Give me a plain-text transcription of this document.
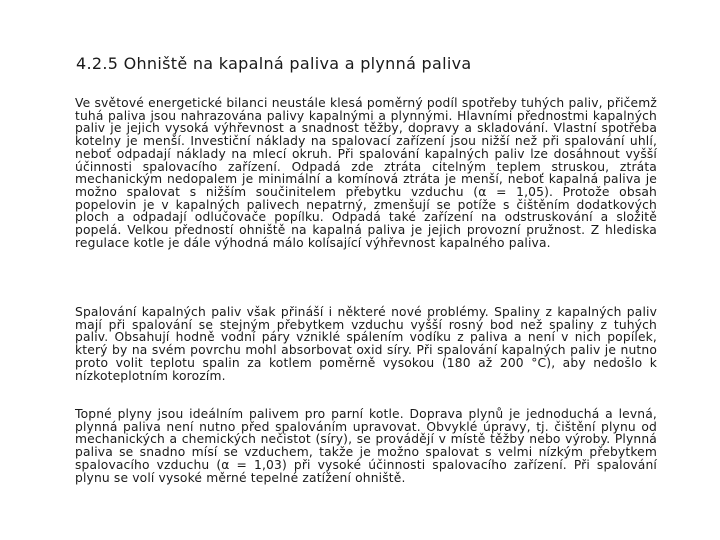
4.2.5 Ohniště na kapalná paliva a plynná paliva
Ve světové energetické bilanci neustále klesá poměrný podíl spotřeby tuhých paliv, přičemž tuhá paliva jsou nahrazována palivy kapalnými a plynnými. Hlavními přednostmi kapalných paliv je jejich vysoká výhřevnost a snadnost těžby, dopravy a skladování. Vlastní spotřeba kotelny je menší. Investiční náklady na spalovací zařízení jsou nižší než při spalování uhlí, neboť odpadají náklady na mlecí okruh. Při spalování kapalných paliv lze dosáhnout vyšší účinnosti spalovacího zařízení. Odpadá zde ztráta citelným teplem struskou, ztráta mechanickým nedopalem je minimální a komínová ztráta je menší, neboť kapalná paliva je možno spalovat s nižším součinitelem přebytku vzduchu (α = 1,05). Protože obsah popelovin je v kapalných palivech nepatrný, zmenšují se potíže s čištěním dodatkových ploch a odpadají odlučovače popílku. Odpadá také zařízení na odstruskování a složitě popelá. Velkou předností ohniště na kapalná paliva je jejich provozní pružnost. Z hlediska regulace kotle je dále výhodná málo kolísající výhřevnost kapalného paliva.
Spalování kapalných paliv však přináší i některé nové problémy. Spaliny z kapalných paliv mají při spalování se stejným přebytkem vzduchu vyšší rosný bod než spaliny z tuhých paliv. Obsahují hodně vodní páry vzniklé spálením vodíku z paliva a není v nich popílek, který by na svém povrchu mohl absorbovat oxid síry. Při spalování kapalných paliv je nutno proto volit teplotu spalin za kotlem poměrně vysokou (180 až 200 °C), aby nedošlo k nízkoteplotním korozím.
Topné plyny jsou ideálním palivem pro parní kotle. Doprava plynů je jednoduchá a levná, plynná paliva není nutno před spalováním upravovat. Obvyklé úpravy, tj. čištění plynu od mechanických a chemických nečistot (síry), se provádějí v místě těžby nebo výroby. Plynná paliva se snadno mísí se vzduchem, takže je možno spalovat s velmi nízkým přebytkem spalovacího vzduchu (α = 1,03) při vysoké účinnosti spalovacího zařízení. Při spalování plynu se volí vysoké měrné tepelné zatížení ohniště.
